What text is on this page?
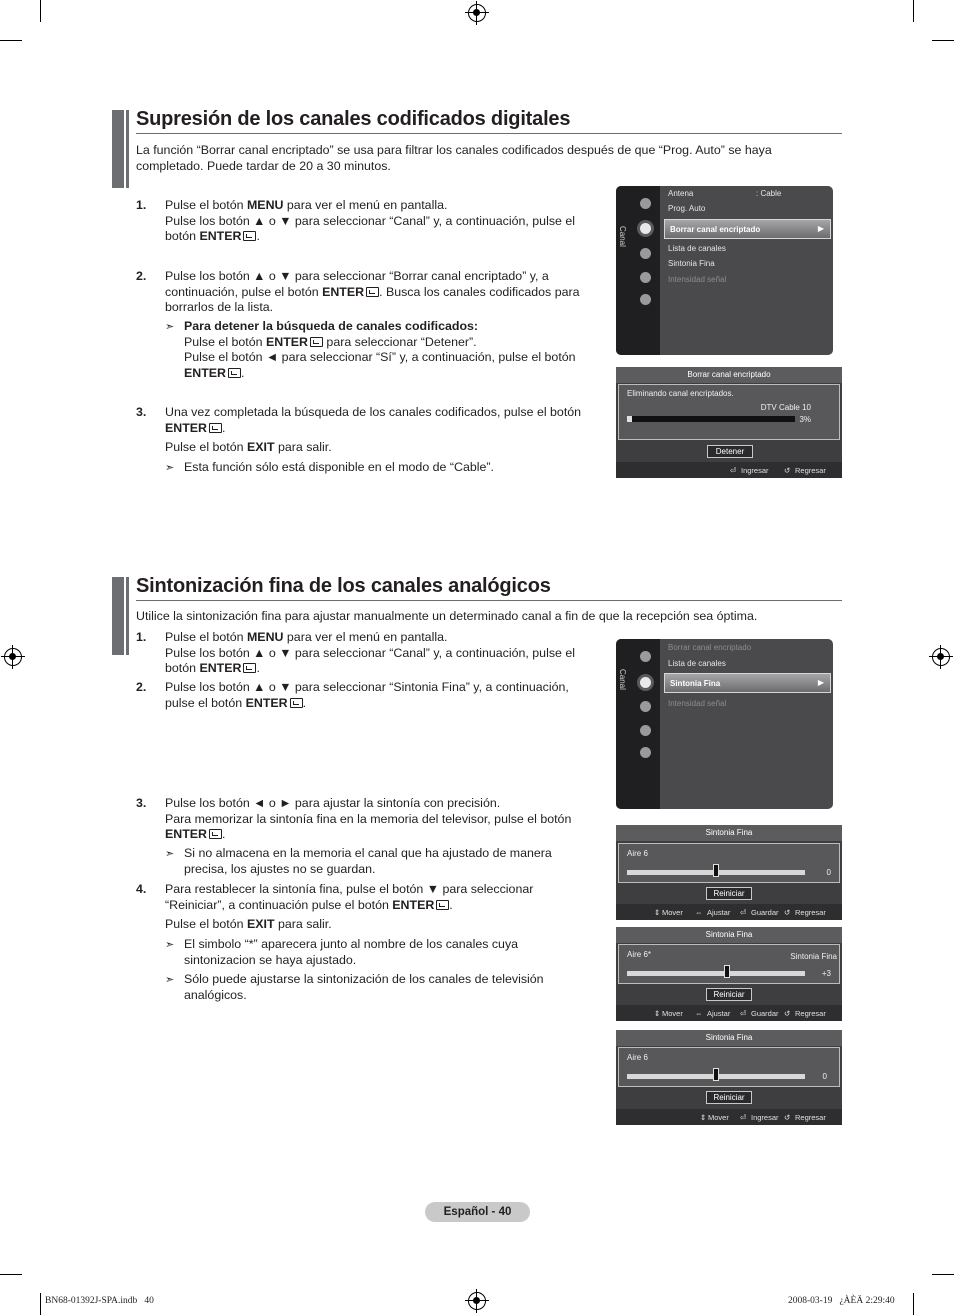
Supresión de los canales codificados digitales
La función “Borrar canal encriptado” se usa para filtrar los canales codificados después de que “Prog. Auto” se haya
completado. Puede tardar de 20 a 30 minutos.
1. Pulse el botón MENU para ver el menú en pantalla.
Pulse los botón ▲ o ▼ para seleccionar “Canal” y, a continuación, pulse el
botón ENTER .
2. Pulse los botón ▲ o ▼ para seleccionar “Borrar canal encriptado” y, a
continuación, pulse el botón ENTER . Busca los canales codificados para
borrarlos de la lista.
➣ Para detener la búsqueda de canales codificados:
Pulse el botón ENTER para seleccionar “Detener”.
Pulse el botón ◄ para seleccionar “Sí” y, a continuación, pulse el botón
ENTER .
3. Una vez completada la búsqueda de los canales codificados, pulse el botón
ENTER .
Pulse el botón EXIT para salir.
➣ Esta función sólo está disponible en el modo de “Cable”.
Canal
Antena	: Cable
Prog. Auto
Borrar canal encriptado	▶
Lista de canales
Sintonia Fina
Intensidad señal
Borrar canal encriptado
Eliminando canal encriptados.
DTV Cable 10
3%
Detener
⏎ Ingresar ↺ Regresar
Sintonización fina de los canales analógicos
Utilice la sintonización fina para ajustar manualmente un determinado canal a fin de que la recepción sea óptima.
1. Pulse el botón MENU para ver el menú en pantalla.
Pulse los botón ▲ o ▼ para seleccionar “Canal” y, a continuación, pulse el
botón ENTER .
2. Pulse los botón ▲ o ▼ para seleccionar “Sintonia Fina” y, a continuación,
pulse el botón ENTER .
3. Pulse los botón ◄ o ► para ajustar la sintonía con precisión.
Para memorizar la sintonía fina en la memoria del televisor, pulse el botón
ENTER .
➣ Si no almacena en la memoria el canal que ha ajustado de manera
precisa, los ajustes no se guardan.
4. Para restablecer la sintonía fina, pulse el botón ▼ para seleccionar
“Reiniciar”, a continuación pulse el botón ENTER .
Pulse el botón EXIT para salir.
➣ El simbolo “*” aparecera junto al nombre de los canales cuya
sintonizacion se haya ajustado.
➣ Sólo puede ajustarse la sintonización de los canales de televisión
analógicos.
Canal
Borrar canal encriptado
Lista de canales
Sintonia Fina	▶
Intensidad señal
Sintonia Fina
Aire 6
0
Reiniciar
⇕ Mover ⇔ Ajustar ⏎ Guardar ↺ Regresar
Sintonia Fina
Aire 6*	Sintonia Fina
+3
Reiniciar
⇕ Mover ⇔ Ajustar ⏎ Guardar ↺ Regresar
Sintonia Fina
Aire 6
0
Reiniciar
⇕ Mover ⏎ Ingresar ↺ Regresar
Español - 40
BN68-01392J-SPA.indb   40	2008-03-19   ¿ÀÈÄ 2:29:40
